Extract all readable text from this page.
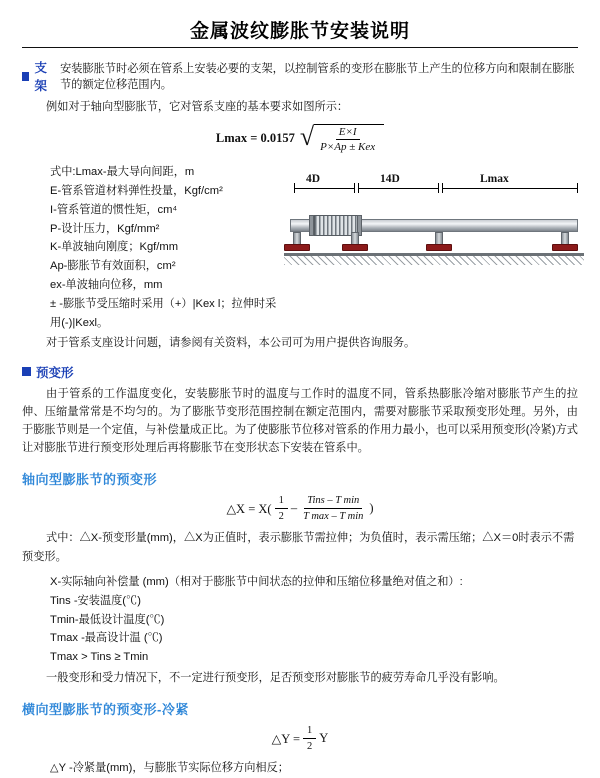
金属波纹膨胀节安装说明
支架
安装膨胀节时必须在管系上安装必要的支架，以控制管系的变形在膨胀节上产生的位移方向和限制在膨胀节的额定位移范围内。

例如对于轴向型膨胀节，它对管系支座的基本要求如图所示：

Lmax = 0.0157 √ $\frac{E\times I}{\text{P×Ap ± Kex}}$
式中:Lmax-最大导向间距，m
E-管系管道材料弹性投量，Kgf/cm²
I-管系管道的惯性矩，cm⁴
P-设计压力，Kgf/mm²
K-单波轴向刚度；Kgf/mm
Ap-膨胀节有效面积，cm²
ex-单波轴向位移，mm
± -膨胀节受压缩时采用（+）|Kex l；拉伸时采用(-)|Kexl。
4D	14D	Lmax

对于管系支座设计问题，请参阅有关资料，本公司可为用户提供咨询服务。

预变形

由于管系的工作温度变化，安装膨胀节时的温度与工作时的温度不同，管系热膨胀冷缩对膨胀节产生的拉伸、压缩量常常是不均匀的。为了膨胀节变形范围控制在额定范围内，需要对膨胀节采取预变形处理。另外，由于膨胀节则是一个定值，与补偿量成正比。为了使膨胀节位移对管系的作用力最小，也可以采用预变形(冷紧)方式让对膨胀节进行预变形处理后再将膨胀节在变形状态下安装在管系中。

轴向型膨胀节的预变形
△X = $X( \frac{1}{2} - \frac{\text{Tins – T min}}{\text{T max – T min}}$ )
式中：△X-预变形量(mm)，△X为正值时，表示膨胀节需拉伸；为负值时，表示需压缩；△X＝0时表示不需预变形。
X-实际轴向补偿量 (mm)（相对于膨胀节中间状态的拉伸和压缩位移量绝对值之和）:
Tins -安装温度(℃)
Tmin-最低设计温度(℃)
Tmax -最高设计温 (℃)
Tmax > Tins ≥ Tmin

一般变形和受力情况下，不一定进行预变形，足否预变形对膨胀节的疲劳寿命几乎没有影响。

横向型膨胀节的预变形-冷紧
△Y = $\frac{1}{2}$ Y
△Y -冷紧量(mm)，与膨胀节实际位移方向相反；
